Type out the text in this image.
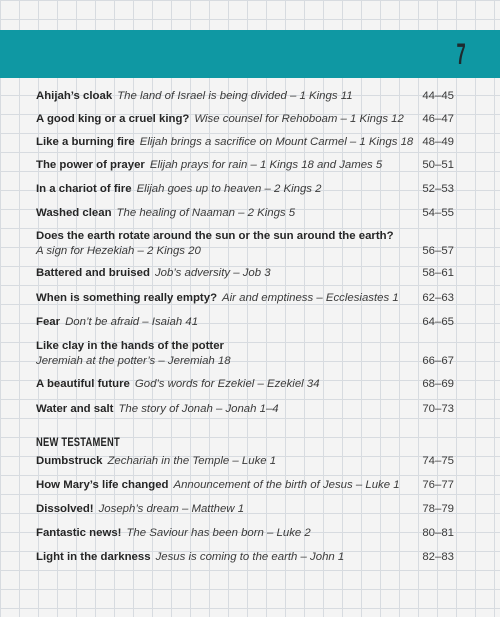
7
Ahijah’s cloak The land of Israel is being divided – 1 Kings 11	44–45
A good king or a cruel king? Wise counsel for Rehoboam – 1 Kings 12 46–47
Like a burning fire Elijah brings a sacrifice on Mount Carmel – 1 Kings 18 48–49
The power of prayer Elijah prays for rain – 1 Kings 18 and James 5	50–51
In a chariot of fire Elijah goes up to heaven – 2 Kings 2	52–53
Washed clean The healing of Naaman – 2 Kings 5	54–55
Does the earth rotate around the sun or the sun around the earth?
A sign for Hezekiah – 2 Kings 20	56–57
Battered and bruised Job’s adversity – Job 3	58–61
When is something really empty? Air and emptiness – Ecclesiastes 1 62–63
Fear Don’t be afraid – Isaiah 41	64–65
Like clay in the hands of the potter
Jeremiah at the potter’s – Jeremiah 18	66–67
A beautiful future God’s words for Ezekiel – Ezekiel 34	68–69
Water and salt The story of Jonah – Jonah 1–4	70–73
NEW TESTAMENT
Dumbstruck Zechariah in the Temple – Luke 1	74–75
How Mary’s life changed Announcement of the birth of Jesus – Luke 1 76–77
Dissolved! Joseph’s dream – Matthew 1	78–79
Fantastic news! The Saviour has been born – Luke 2	80–81
Light in the darkness Jesus is coming to the earth – John 1	82–83
